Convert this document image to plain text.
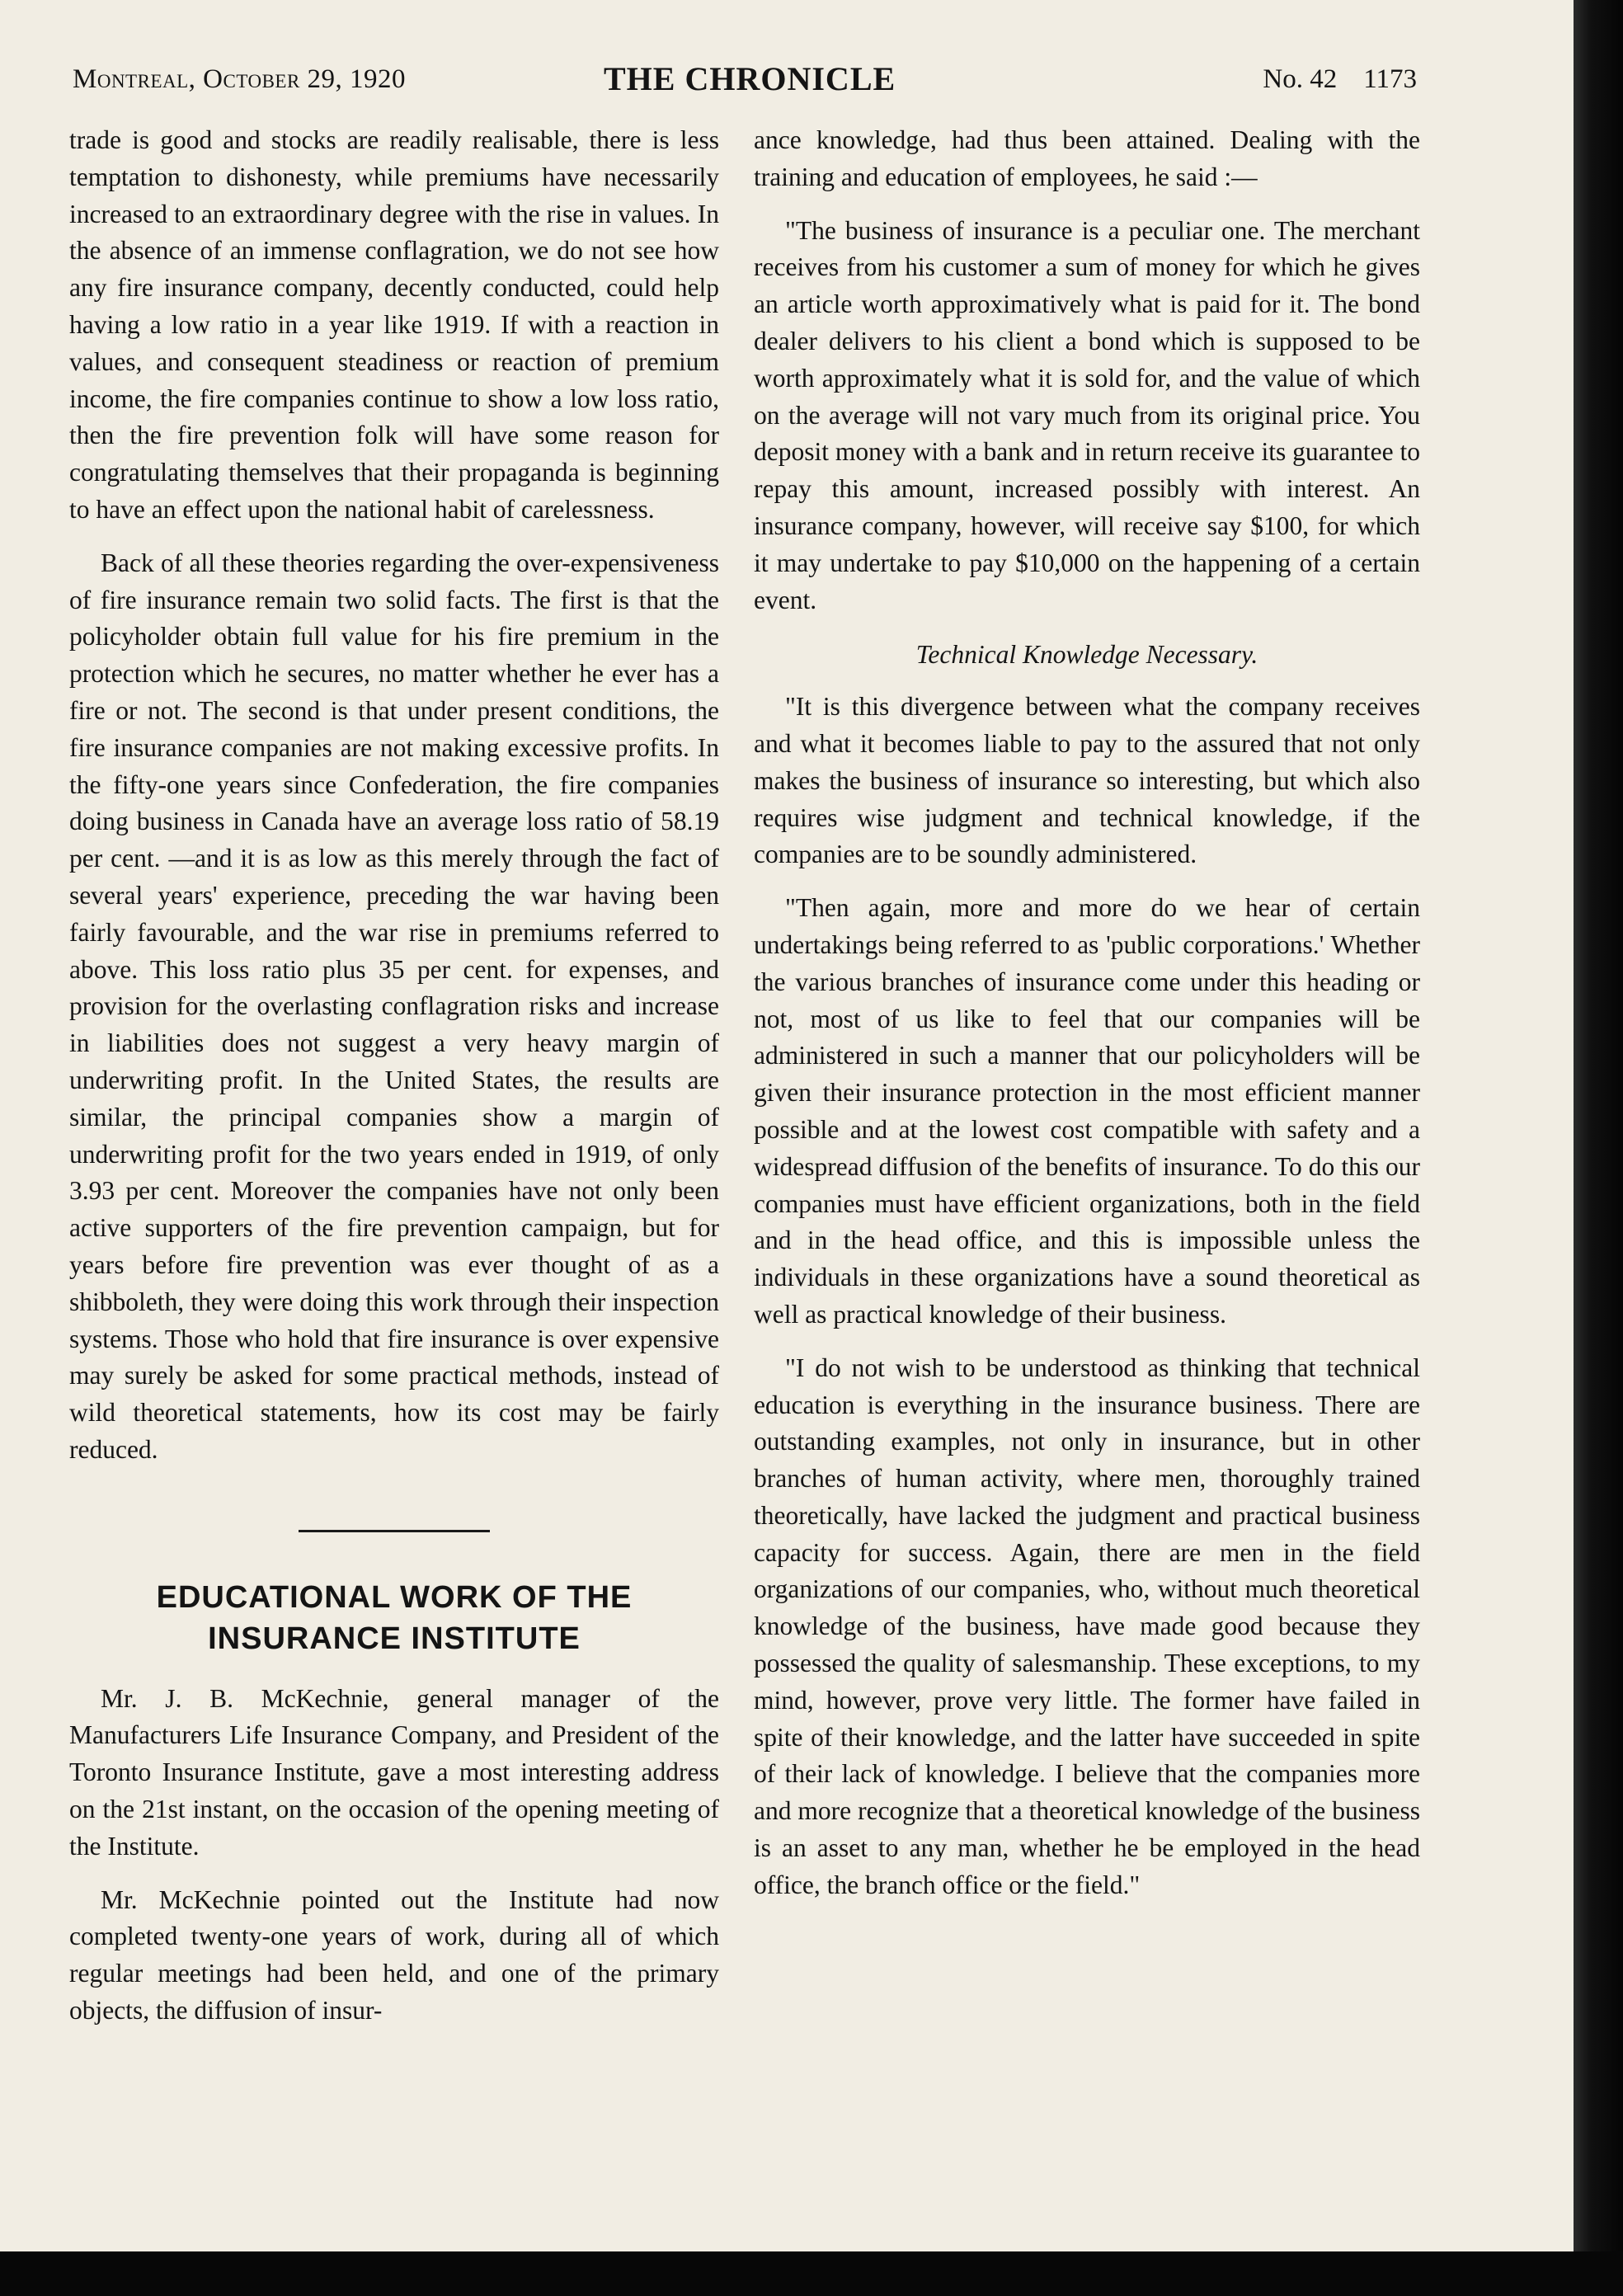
Montreal, October 29, 1920	THE CHRONICLE	No. 42 1173

trade is good and stocks are readily realisable, there is less temptation to dishonesty, while premiums have necessarily increased to an extraordinary degree with the rise in values. In the absence of an immense conflagration, we do not see how any fire insurance company, decently conducted, could help having a low ratio in a year like 1919. If with a reaction in values, and consequent steadiness or reaction of premium income, the fire companies continue to show a low loss ratio, then the fire prevention folk will have some reason for congratulating themselves that their propaganda is beginning to have an effect upon the national habit of carelessness.

Back of all these theories regarding the over-expensiveness of fire insurance remain two solid facts. The first is that the policyholder obtain full value for his fire premium in the protection which he secures, no matter whether he ever has a fire or not. The second is that under present conditions, the fire insurance companies are not making excessive profits. In the fifty-one years since Confederation, the fire companies doing business in Canada have an average loss ratio of 58.19 per cent. —and it is as low as this merely through the fact of several years' experience, preceding the war having been fairly favourable, and the war rise in premiums referred to above. This loss ratio plus 35 per cent. for expenses, and provision for the overlasting conflagration risks and increase in liabilities does not suggest a very heavy margin of underwriting profit. In the United States, the results are similar, the principal companies show a margin of underwriting profit for the two years ended in 1919, of only 3.93 per cent. Moreover the companies have not only been active supporters of the fire prevention campaign, but for years before fire prevention was ever thought of as a shibboleth, they were doing this work through their inspection systems. Those who hold that fire insurance is over expensive may surely be asked for some practical methods, instead of wild theoretical statements, how its cost may be fairly reduced.

EDUCATIONAL WORK OF THE
INSURANCE INSTITUTE

Mr. J. B. McKechnie, general manager of the Manufacturers Life Insurance Company, and President of the Toronto Insurance Institute, gave a most interesting address on the 21st instant, on the occasion of the opening meeting of the Institute.

Mr. McKechnie pointed out the Institute had now completed twenty-one years of work, during all of which regular meetings had been held, and one of the primary objects, the diffusion of insur-

ance knowledge, had thus been attained. Dealing with the training and education of employees, he said :—

"The business of insurance is a peculiar one. The merchant receives from his customer a sum of money for which he gives an article worth approximatively what is paid for it. The bond dealer delivers to his client a bond which is supposed to be worth approximately what it is sold for, and the value of which on the average will not vary much from its original price. You deposit money with a bank and in return receive its guarantee to repay this amount, increased possibly with interest. An insurance company, however, will receive say $100, for which it may undertake to pay $10,000 on the happening of a certain event.

Technical Knowledge Necessary.

"It is this divergence between what the company receives and what it becomes liable to pay to the assured that not only makes the business of insurance so interesting, but which also requires wise judgment and technical knowledge, if the companies are to be soundly administered.

"Then again, more and more do we hear of certain undertakings being referred to as 'public corporations.' Whether the various branches of insurance come under this heading or not, most of us like to feel that our companies will be administered in such a manner that our policyholders will be given their insurance protection in the most efficient manner possible and at the lowest cost compatible with safety and a widespread diffusion of the benefits of insurance. To do this our companies must have efficient organizations, both in the field and in the head office, and this is impossible unless the individuals in these organizations have a sound theoretical as well as practical knowledge of their business.

"I do not wish to be understood as thinking that technical education is everything in the insurance business. There are outstanding examples, not only in insurance, but in other branches of human activity, where men, thoroughly trained theoretically, have lacked the judgment and practical business capacity for success. Again, there are men in the field organizations of our companies, who, without much theoretical knowledge of the business, have made good because they possessed the quality of salesmanship. These exceptions, to my mind, however, prove very little. The former have failed in spite of their knowledge, and the latter have succeeded in spite of their lack of knowledge. I believe that the companies more and more recognize that a theoretical knowledge of the business is an asset to any man, whether he be employed in the head office, the branch office or the field."
